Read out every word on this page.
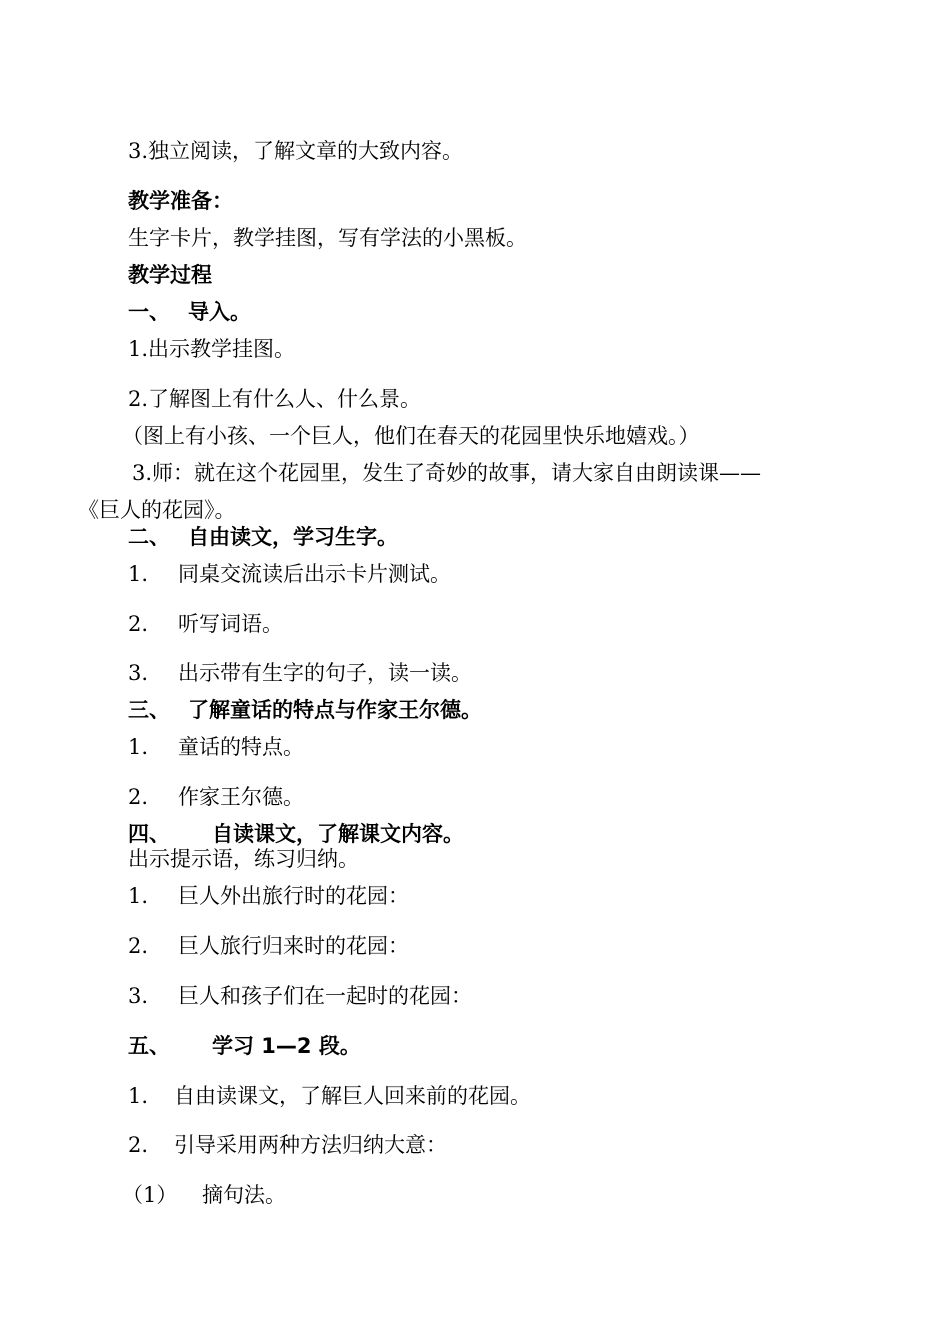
3.独立阅读，了解文章的大致内容。
教学准备：
生字卡片，教学挂图，写有学法的小黑板。
教学过程
一、 导入。
1.出示教学挂图。
2.了解图上有什么人、什么景。
（图上有小孩、一个巨人，他们在春天的花园里快乐地嬉戏。）
3.师：就在这个花园里，发生了奇妙的故事，请大家自由朗读课——
《巨人的花园》。
二、 自由读文，学习生字。
1. 同桌交流读后出示卡片测试。
2. 听写词语。
3. 出示带有生字的句子，读一读。
三、 了解童话的特点与作家王尔德。
1. 童话的特点。
2. 作家王尔德。
四、 自读课文，了解课文内容。
出示提示语，练习归纳。
1. 巨人外出旅行时的花园：
2. 巨人旅行归来时的花园：
3. 巨人和孩子们在一起时的花园：
五、 学习 1—2 段。
1. 自由读课文，了解巨人回来前的花园。
2. 引导采用两种方法归纳大意：
（1） 摘句法。
